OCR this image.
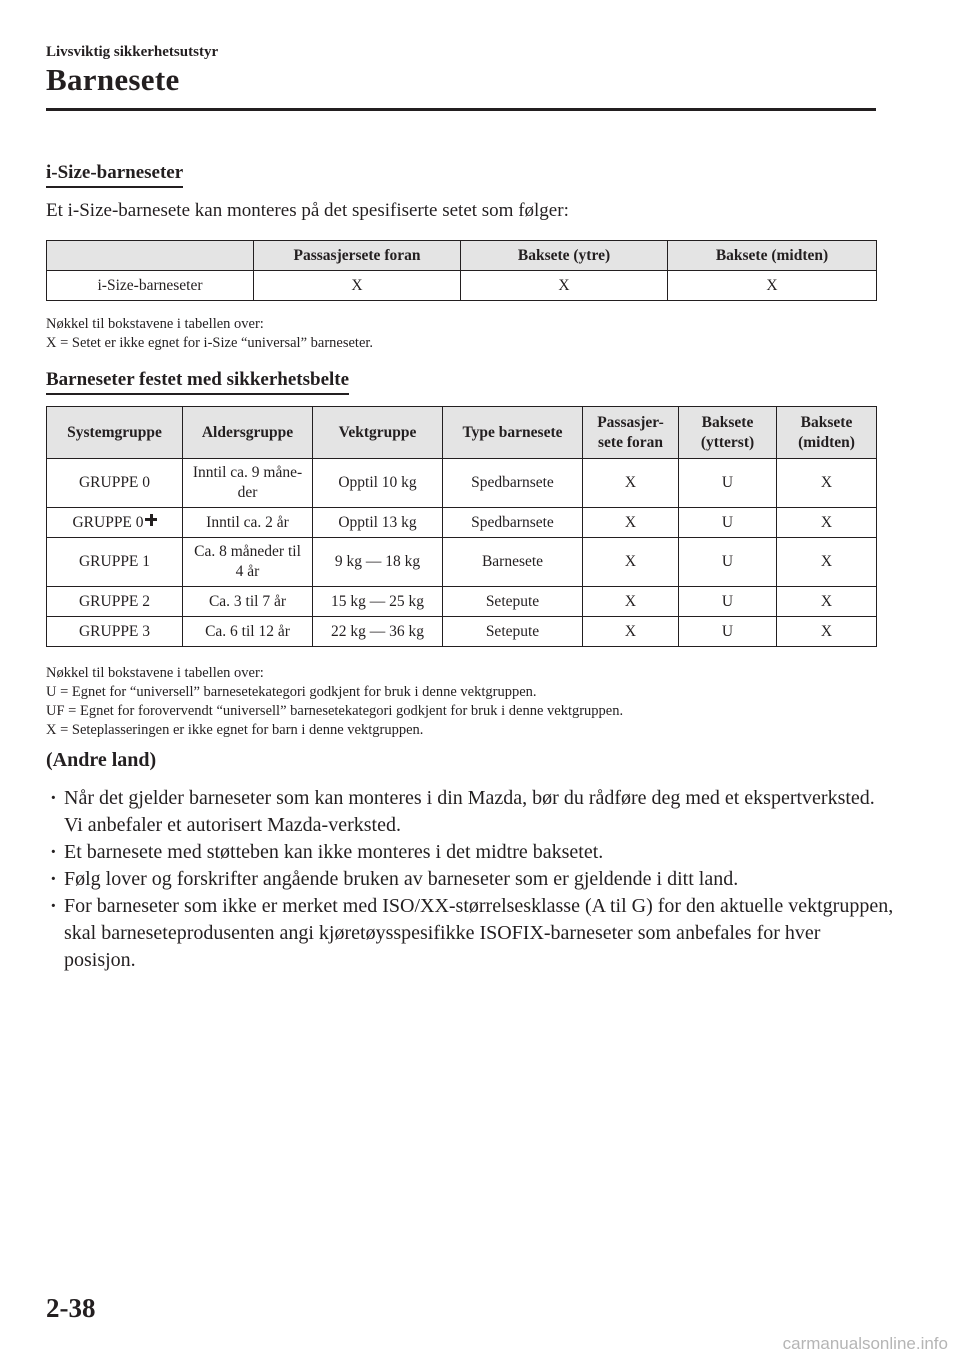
Livsviktig sikkerhetsutstyr
Barnesete
i-Size-barneseter
Et i-Size-barnesete kan monteres på det spesifiserte setet som følger:
	Passasjersete foran	Baksete (ytre)	Baksete (midten)
i-Size-barneseter	X	X	X
Nøkkel til bokstavene i tabellen over:
X = Setet er ikke egnet for i-Size “universal” barneseter.
Barneseter festet med sikkerhetsbelte
Systemgruppe	Aldersgruppe	Vektgruppe	Type barnesete	Passasjer-
sete foran	Baksete
(ytterst)	Baksete
(midten)
GRUPPE 0	Inntil ca. 9 måne-
der	Opptil 10 kg	Spedbarnsete	X	U	X
GRUPPE 0	Inntil ca. 2 år	Opptil 13 kg	Spedbarnsete	X	U	X
GRUPPE 1	Ca. 8 måneder til
4 år	9 kg — 18 kg	Barnesete	X	U	X
GRUPPE 2	Ca. 3 til 7 år	15 kg — 25 kg	Setepute	X	U	X
GRUPPE 3	Ca. 6 til 12 år	22 kg — 36 kg	Setepute	X	U	X
Nøkkel til bokstavene i tabellen over:
U = Egnet for “universell” barnesetekategori godkjent for bruk i denne vektgruppen.
UF = Egnet for forovervendt “universell” barnesetekategori godkjent for bruk i denne vektgruppen.
X = Seteplasseringen er ikke egnet for barn i denne vektgruppen.
(Andre land)
· Når det gjelder barneseter som kan monteres i din Mazda, bør du rådføre deg med et ekspertverksted. Vi anbefaler et autorisert Mazda-verksted.
· Et barnesete med støtteben kan ikke monteres i det midtre baksetet.
· Følg lover og forskrifter angående bruken av barneseter som er gjeldende i ditt land.
· For barneseter som ikke er merket med ISO/XX-størrelsesklasse (A til G) for den aktuelle vektgruppen, skal barneseteprodusenten angi kjøretøysspesifikke ISOFIX-barneseter som anbefales for hver posisjon.
2-38
carmanualsonline.info
